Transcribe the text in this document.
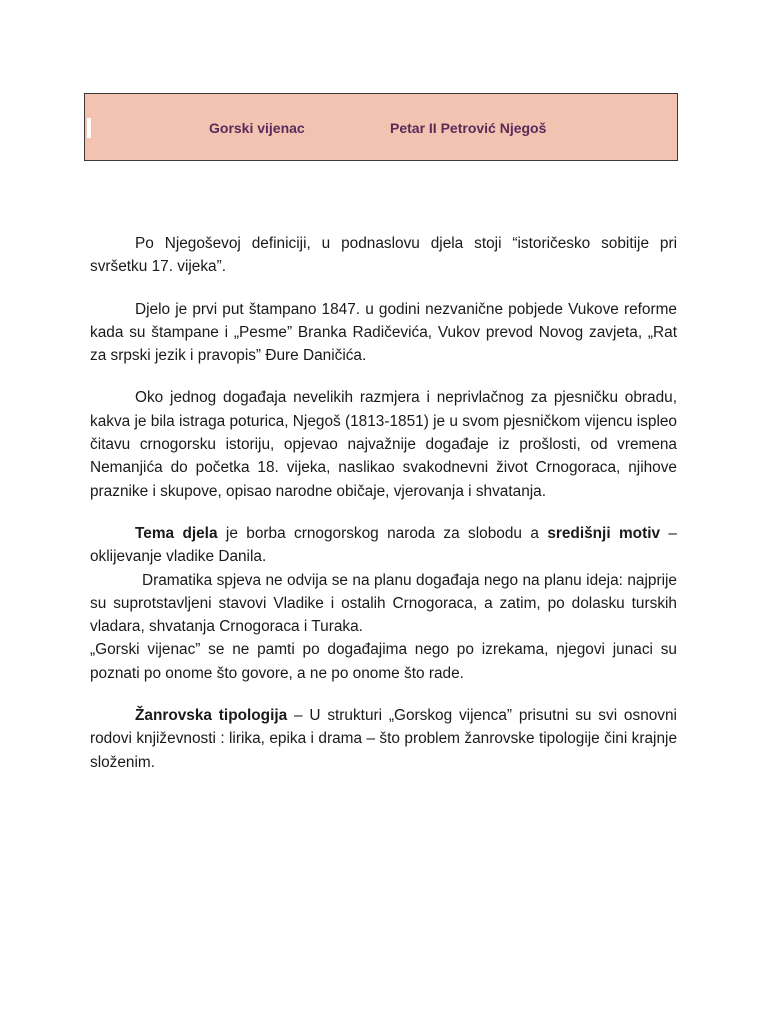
Gorski vijenac	Petar II Petrović Njegoš

Po Njegoševoj definiciji, u podnaslovu djela stoji “istoričesko sobitije pri svršetku 17. vijeka”.

Djelo je prvi put štampano 1847. u godini nezvanične pobjede Vukove reforme kada su štampane i „Pesme” Branka Radičevića, Vukov prevod Novog zavjeta, „Rat za srpski jezik i pravopis” Đure Daničića.

Oko jednog događaja nevelikih razmjera i neprivlačnog za pjesničku obradu, kakva je bila istraga poturica, Njegoš (1813-1851) je u svom pjesničkom vijencu ispleo čitavu crnogorsku istoriju, opjevao najvažnije događaje iz prošlosti, od vremena Nemanjića do početka 18. vijeka, naslikao svakodnevni život Crnogoraca, njihove praznike i skupove, opisao narodne običaje, vjerovanja i shvatanja.

Tema djela je borba crnogorskog naroda za slobodu a središnji motiv – oklijevanje vladike Danila.

Dramatika spjeva ne odvija se na planu događaja nego na planu ideja: najprije su suprotstavljeni stavovi Vladike i ostalih Crnogoraca, a zatim, po dolasku turskih vladara, shvatanja Crnogoraca i Turaka.

„Gorski vijenac” se ne pamti po događajima nego po izrekama, njegovi junaci su poznati po onome što govore, a ne po onome što rade.

Žanrovska tipologija – U strukturi „Gorskog vijenca” prisutni su svi osnovni rodovi književnosti : lirika, epika i drama – što problem žanrovske tipologije čini krajnje složenim.
